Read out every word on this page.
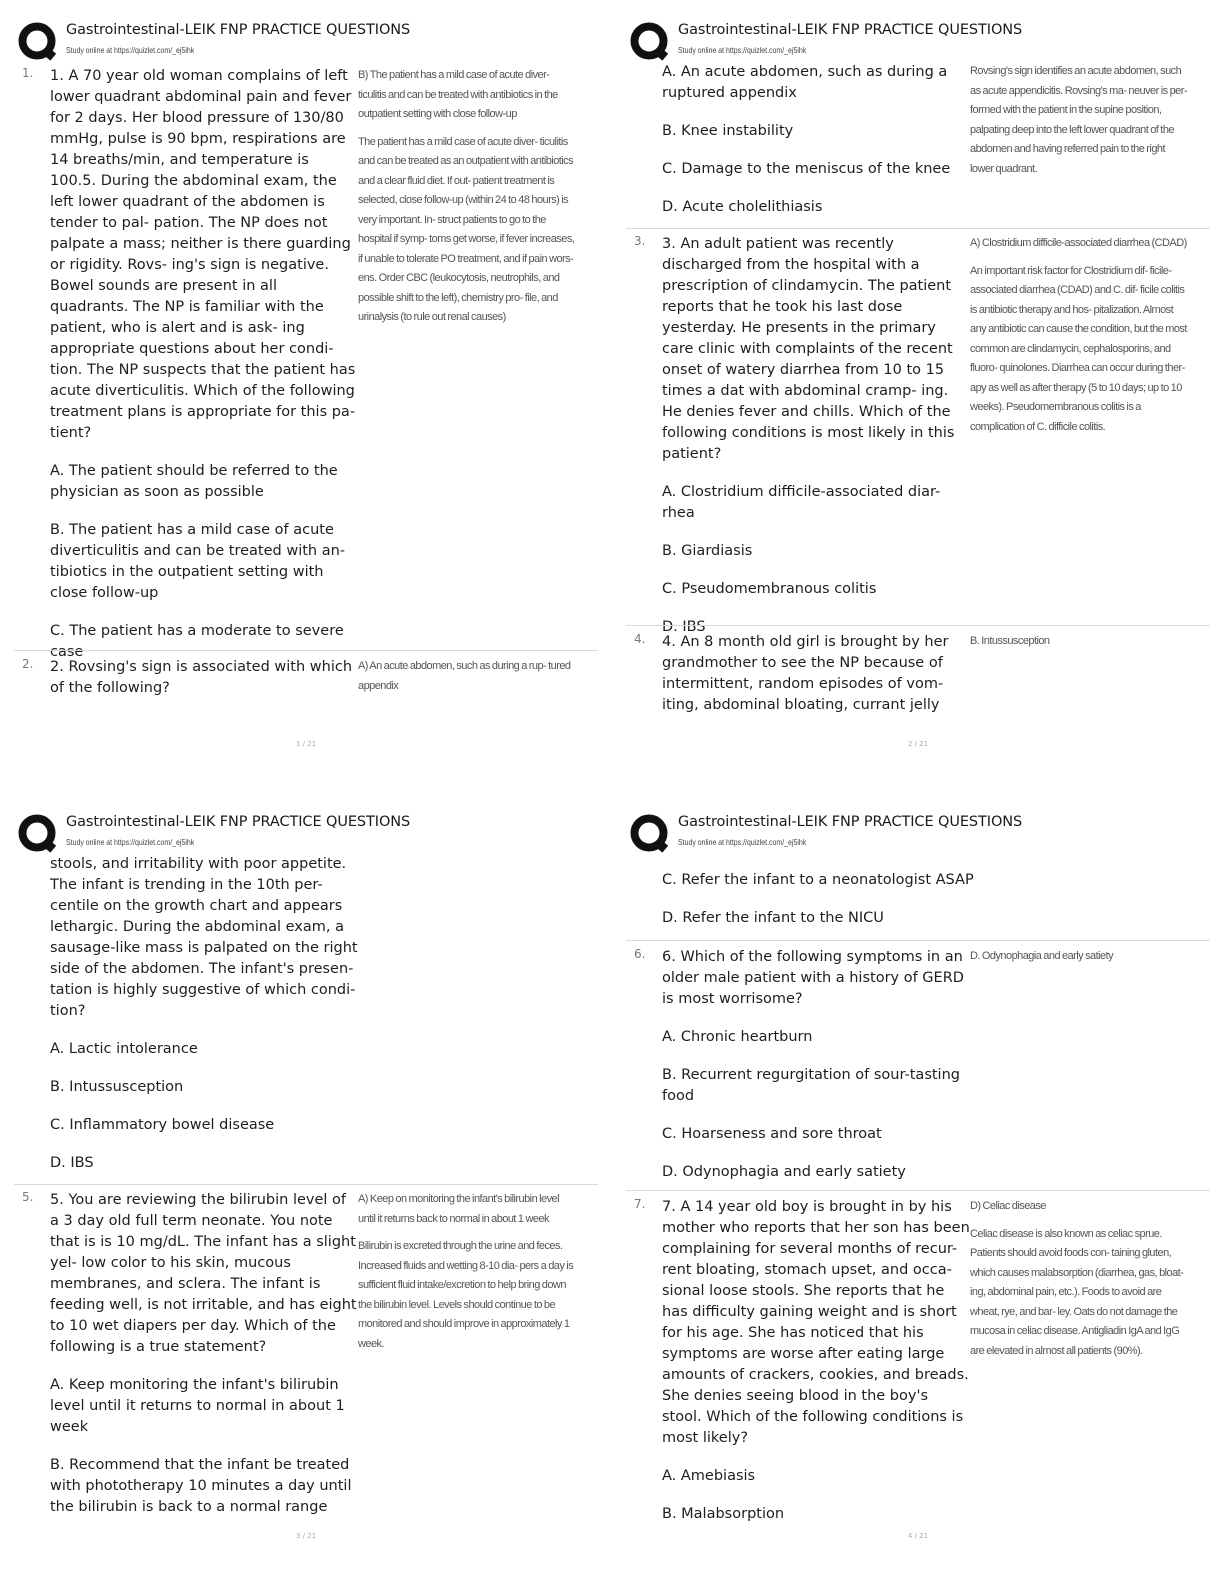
Gastrointestinal-LEIK FNP PRACTICE QUESTIONS
Study online at https://quizlet.com/_ej5ihk
1. 1. A 70 year old woman complains of left lower quadrant abdominal pain and fever for 2 days. Her blood pressure of 130/80 mmHg, pulse is 90 bpm, respirations are 14 breaths/min, and temperature is 100.5. During the abdominal exam, the left lower quadrant of the abdomen is tender to pal- pation. The NP does not palpate a mass; neither is there guarding or rigidity. Rovs- ing's sign is negative. Bowel sounds are present in all quadrants. The NP is familiar with the patient, who is alert and is ask- ing appropriate questions about her condi- tion. The NP suspects that the patient has acute diverticulitis. Which of the following treatment plans is appropriate for this pa- tient?
A. The patient should be referred to the physician as soon as possible
B. The patient has a mild case of acute diverticulitis and can be treated with an- tibiotics in the outpatient setting with close follow-up
C. The patient has a moderate to severe case
B) The patient has a mild case of acute diver- ticulitis and can be treated with antibiotics in the outpatient setting with close follow-up
The patient has a mild case of acute diver- ticulitis and can be treated as an outpatient with antibiotics and a clear fluid diet. If out- patient treatment is selected, close follow-up (within 24 to 48 hours) is very important. In- struct patients to go to the hospital if symp- toms get worse, if fever increases, if unable to tolerate PO treatment, and if pain wors- ens. Order CBC (leukocytosis, neutrophils, and possible shift to the left), chemistry pro- file, and urinalysis (to rule out renal causes)
2. 2. Rovsing's sign is associated with which of the following?
A) An acute abdomen, such as during a rup- tured appendix
1 / 21
Gastrointestinal-LEIK FNP PRACTICE QUESTIONS
Study online at https://quizlet.com/_ej5ihk
A. An acute abdomen, such as during a ruptured appendix
B. Knee instability
C. Damage to the meniscus of the knee
D. Acute cholelithiasis
Rovsing's sign identifies an acute abdomen, such as acute appendicitis. Rovsing's ma- neuver is per- formed with the patient in the supine position, palpating deep into the left lower quadrant of the abdomen and having referred pain to the right lower quadrant.
3. 3. An adult patient was recently discharged from the hospital with a prescription of clindamycin. The patient reports that he took his last dose yesterday. He presents in the primary care clinic with complaints of the recent onset of watery diarrhea from 10 to 15 times a dat with abdominal cramp- ing. He denies fever and chills. Which of the following conditions is most likely in this patient?
A. Clostridium difficile-associated diar- rhea
B. Giardiasis
C. Pseudomembranous colitis
D. IBS
A) Clostridium difficile-associated diarrhea (CDAD)
An important risk factor for Clostridium dif- ficile-associated diarrhea (CDAD) and C. dif- ficile colitis is antibiotic therapy and hos- pitalization. Almost any antibiotic can cause the condition, but the most common are clindamycin, cephalosporins, and fluoro- quinolones. Diarrhea can occur during ther- apy as well as after therapy (5 to 10 days; up to 10 weeks). Pseudomembranous colitis is a complication of C. difficile colitis.
4. 4. An 8 month old girl is brought by her grandmother to see the NP because of intermittent, random episodes of vom- iting, abdominal bloating, currant jelly
B. Intussusception
2 / 21
Gastrointestinal-LEIK FNP PRACTICE QUESTIONS
Study online at https://quizlet.com/_ej5ihk
stools, and irritability with poor appetite. The infant is trending in the 10th per- centile on the growth chart and appears lethargic. During the abdominal exam, a sausage-like mass is palpated on the right side of the abdomen. The infant's presen- tation is highly suggestive of which condi- tion?
A. Lactic intolerance
B. Intussusception
C. Inflammatory bowel disease
D. IBS
5. 5. You are reviewing the bilirubin level of a 3 day old full term neonate. You note that is is 10 mg/dL. The infant has a slight yel- low color to his skin, mucous membranes, and sclera. The infant is feeding well, is not irritable, and has eight to 10 wet diapers per day. Which of the following is a true statement?
A. Keep monitoring the infant's bilirubin level until it returns to normal in about 1 week
B. Recommend that the infant be treated with phototherapy 10 minutes a day until the bilirubin is back to a normal range
A) Keep on monitoring the infant's bilirubin level until it returns back to normal in about 1 week
Bilirubin is excreted through the urine and feces. Increased fluids and wetting 8-10 dia- pers a day is sufficient fluid intake/excretion to help bring down the bilirubin level. Levels should continue to be monitored and should improve in approximately 1 week.
3 / 21
Gastrointestinal-LEIK FNP PRACTICE QUESTIONS
Study online at https://quizlet.com/_ej5ihk
C. Refer the infant to a neonatologist ASAP
D. Refer the infant to the NICU
6. 6. Which of the following symptoms in an older male patient with a history of GERD is most worrisome?
A. Chronic heartburn
B. Recurrent regurgitation of sour-tasting food
C. Hoarseness and sore throat
D. Odynophagia and early satiety
D. Odynophagia and early satiety
7. 7. A 14 year old boy is brought in by his mother who reports that her son has been complaining for several months of recur- rent bloating, stomach upset, and occa- sional loose stools. She reports that he has difficulty gaining weight and is short for his age. She has noticed that his symptoms are worse after eating large amounts of crackers, cookies, and breads. She denies seeing blood in the boy's stool. Which of the following conditions is most likely?
A. Amebiasis
B. Malabsorption
D) Celiac disease
Celiac disease is also known as celiac sprue. Patients should avoid foods con- taining gluten, which causes malabsorption (diarrhea, gas, bloat- ing, abdominal pain, etc.). Foods to avoid are wheat, rye, and bar- ley. Oats do not damage the mucosa in celiac disease. Antigliadin IgA and IgG are elevated in almost all patients (90%).
4 / 21
